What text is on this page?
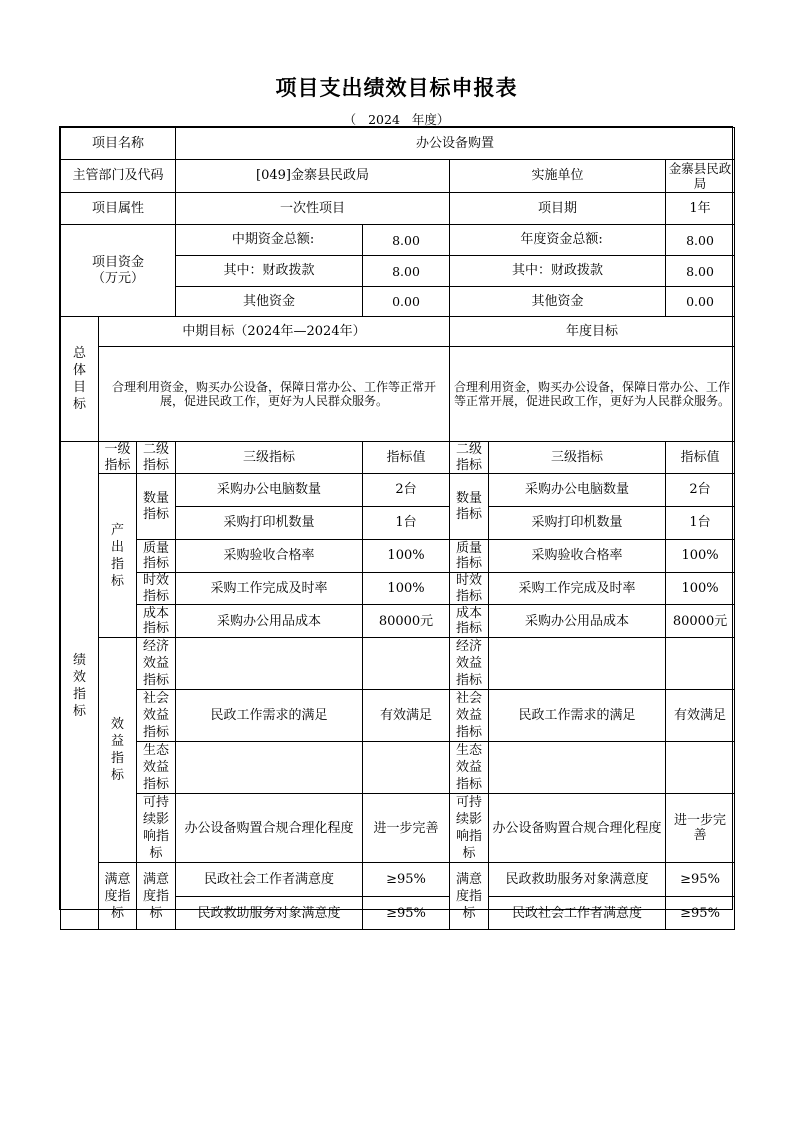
项目支出绩效目标申报表
（   2024   年度）
项目名称			办公设备购置				
主管部门及代码			[049]金寨县民政局		实施单位		金寨县民政局
项目属性			一次性项目		项目期		1年
项目资金
（万元）			中期资金总额:	8.00	年度资金总额:		8.00
			其中：财政拨款	8.00	其中：财政拨款		8.00
			其他资金	0.00	其他资金		0.00
总体目标	中期目标（2024年—2024年）				年度目标		
	合理利用资金，购买办公设备，保障日常办公、工作等正常开展，促进民政工作，更好为人民群众服务。				合理利用资金，购买办公设备，保障日常办公、工作等正常开展，促进民政工作，更好为人民群众服务。		
绩效指标	一级指标	二级指标	三级指标	指标值	二级指标	三级指标	指标值
	产出指标	数量指标	采购办公电脑数量	2台	数量指标	采购办公电脑数量	2台
			采购打印机数量	1台		采购打印机数量	1台
		质量指标	采购验收合格率	100%	质量指标	采购验收合格率	100%
		时效指标	采购工作完成及时率	100%	时效指标	采购工作完成及时率	100%
		成本指标	采购办公用品成本	80000元	成本指标	采购办公用品成本	80000元
	效益指标	经济效益指标			经济效益指标		
		社会效益指标	民政工作需求的满足	有效满足	社会效益指标	民政工作需求的满足	有效满足
		生态效益指标			生态效益指标		
		可持续影响指标	办公设备购置合规合理化程度	进一步完善	可持续影响指标	办公设备购置合规合理化程度	进一步完善
	满意度指标	满意度指标	民政社会工作者满意度	≥95%	满意度指标	民政救助服务对象满意度	≥95%
			民政救助服务对象满意度	≥95%		民政社会工作者满意度	≥95%
